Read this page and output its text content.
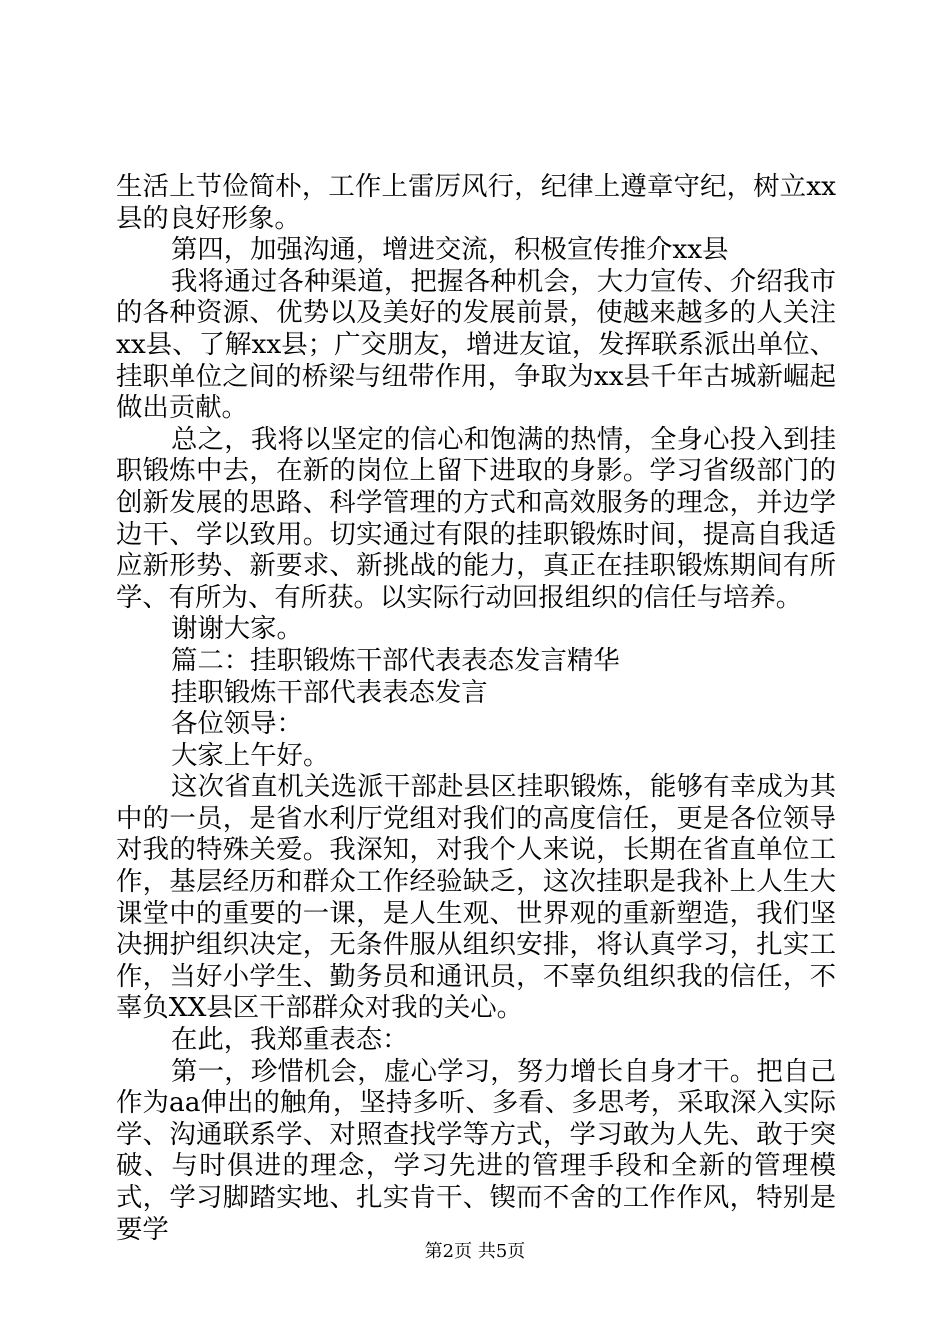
生活上节俭简朴，工作上雷厉风行，纪律上遵章守纪，树立xx县的良好形象。

第四，加强沟通，增进交流，积极宣传推介xx县

我将通过各种渠道，把握各种机会，大力宣传、介绍我市的各种资源、优势以及美好的发展前景，使越来越多的人关注xx县、了解xx县；广交朋友，增进友谊，发挥联系派出单位、挂职单位之间的桥梁与纽带作用，争取为xx县千年古城新崛起做出贡献。

总之，我将以坚定的信心和饱满的热情，全身心投入到挂职锻炼中去，在新的岗位上留下进取的身影。学习省级部门的创新发展的思路、科学管理的方式和高效服务的理念，并边学边干、学以致用。切实通过有限的挂职锻炼时间，提高自我适应新形势、新要求、新挑战的能力，真正在挂职锻炼期间有所学、有所为、有所获。以实际行动回报组织的信任与培养。

谢谢大家。

篇二：挂职锻炼干部代表表态发言精华

挂职锻炼干部代表表态发言

各位领导：

大家上午好。

这次省直机关选派干部赴县区挂职锻炼，能够有幸成为其中的一员，是省水利厅党组对我们的高度信任，更是各位领导对我的特殊关爱。我深知，对我个人来说，长期在省直单位工作，基层经历和群众工作经验缺乏，这次挂职是我补上人生大课堂中的重要的一课，是人生观、世界观的重新塑造，我们坚决拥护组织决定，无条件服从组织安排，将认真学习，扎实工作，当好小学生、勤务员和通讯员，不辜负组织我的信任，不辜负XX县区干部群众对我的关心。

在此，我郑重表态：

第一，珍惜机会，虚心学习，努力增长自身才干。把自己作为aa伸出的触角，坚持多听、多看、多思考，采取深入实际学、沟通联系学、对照查找学等方式，学习敢为人先、敢于突破、与时俱进的理念，学习先进的管理手段和全新的管理模式，学习脚踏实地、扎实肯干、锲而不舍的工作作风，特别是要学

第2页 共5页
